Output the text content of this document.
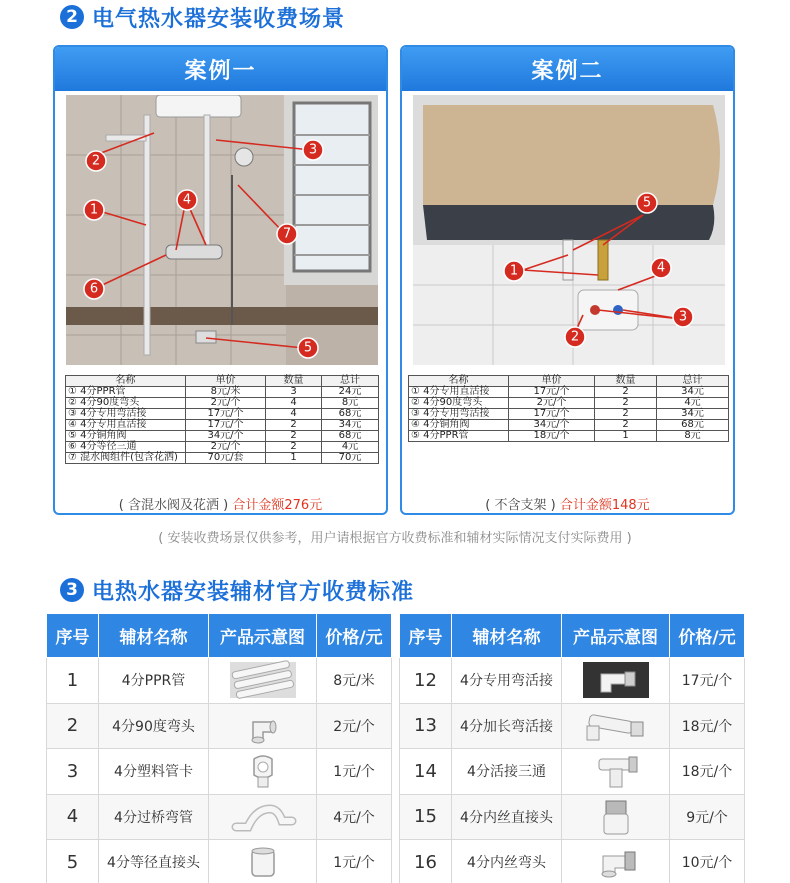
2 电气热水器安装收费场景
案例一
1
2
3
4
5
6
7
名称	单价	数量	总计
① 4分PPR管	8元/米	3	24元
② 4分90度弯头	2元/个	4	8元
③ 4分专用弯活接	17元/个	4	68元
④ 4分专用直活接	17元/个	2	34元
⑤ 4分铜角阀	34元/个	2	68元
⑥ 4分等径三通	2元/个	2	4元
⑦ 混水阀组件(包含花洒)	70元/套	1	70元
( 含混水阀及花洒 ) 合计金额276元
案例二
1
2
3
4
5
名称	单价	数量	总计
① 4分专用直活接	17元/个	2	34元
② 4分90度弯头	2元/个	2	4元
③ 4分专用弯活接	17元/个	2	34元
④ 4分铜角阀	34元/个	2	68元
⑤ 4分PPR管	18元/个	1	8元
( 不含支架 ) 合计金额148元
( 安装收费场景仅供参考，用户请根据官方收费标准和辅材实际情况支付实际费用 )
3 电热水器安装辅材官方收费标准
序号	辅材名称	产品示意图	价格/元
1	4分PPR管		8元/米
2	4分90度弯头		2元/个
3	4分塑料管卡		1元/个
4	4分过桥弯管		4元/个
5	4分等径直接头		1元/个
序号	辅材名称	产品示意图	价格/元
12	4分专用弯活接		17元/个
13	4分加长弯活接		18元/个
14	4分活接三通		18元/个
15	4分内丝直接头		9元/个
16	4分内丝弯头		10元/个
